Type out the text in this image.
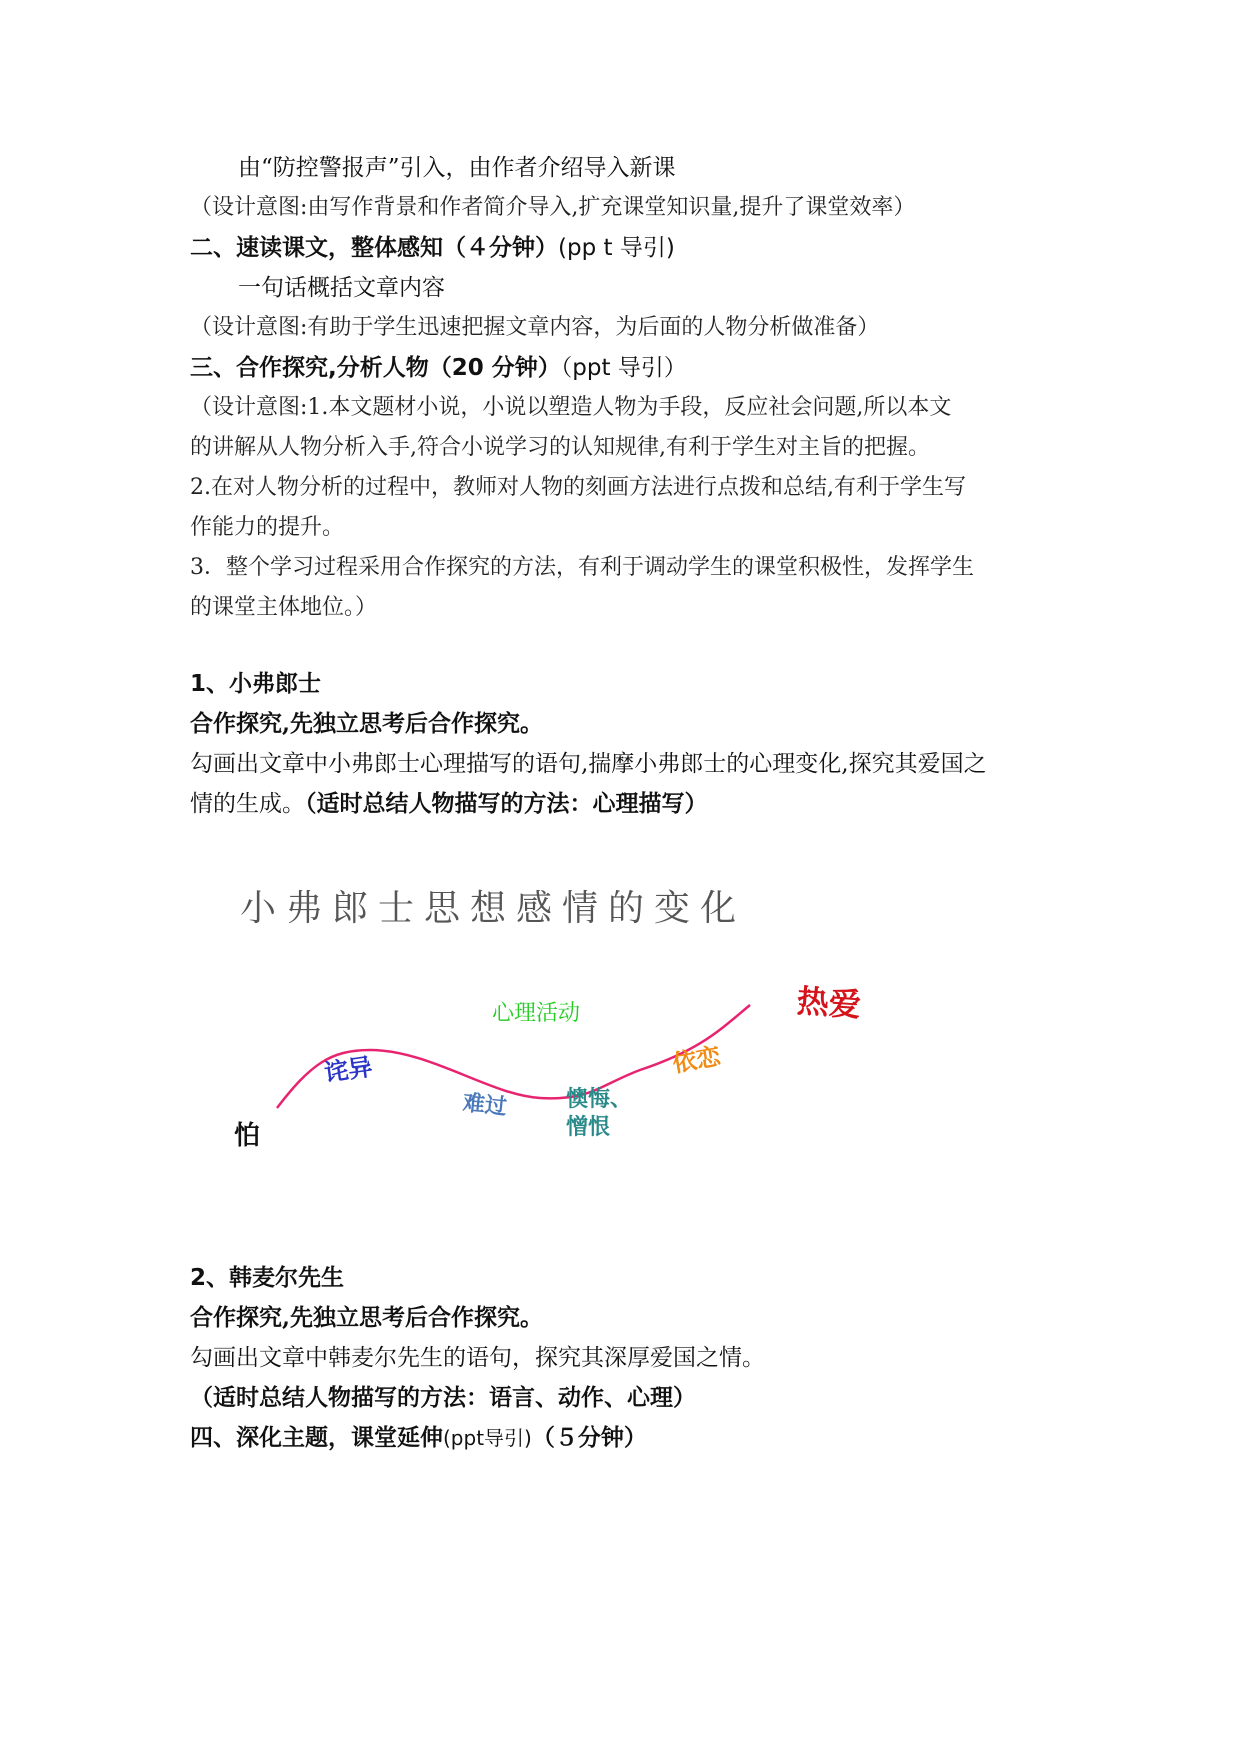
由“防控警报声”引入，由作者介绍导入新课
（设计意图:由写作背景和作者简介导入,扩充课堂知识量,提升了课堂效率）
二、速读课文，整体感知（４分钟）(pp t 导引)
一句话概括文章内容
（设计意图:有助于学生迅速把握文章内容，为后面的人物分析做准备）
三、合作探究,分析人物（20 分钟）（ppt 导引）
（设计意图:1.本文题材小说，小说以塑造人物为手段，反应社会问题,所以本文
的讲解从人物分析入手,符合小说学习的认知规律,有利于学生对主旨的把握。
2.在对人物分析的过程中，教师对人物的刻画方法进行点拨和总结,有利于学生写
作能力的提升。
3．整个学习过程采用合作探究的方法，有利于调动学生的课堂积极性，发挥学生
的课堂主体地位。）
1、小弗郎士
合作探究,先独立思考后合作探究。
勾画出文章中小弗郎士心理描写的语句,揣摩小弗郎士的心理变化,探究其爱国之
情的生成。（适时总结人物描写的方法：心理描写）
小弗郎士思想感情的变化
心理活动
怕
诧异
难过	懊悔、
憎恨
依恋
热爱
2、韩麦尔先生
合作探究,先独立思考后合作探究。
勾画出文章中韩麦尔先生的语句，探究其深厚爱国之情。
（适时总结人物描写的方法：语言、动作、心理）
四、深化主题，课堂延伸(ppt导引)（５分钟）
